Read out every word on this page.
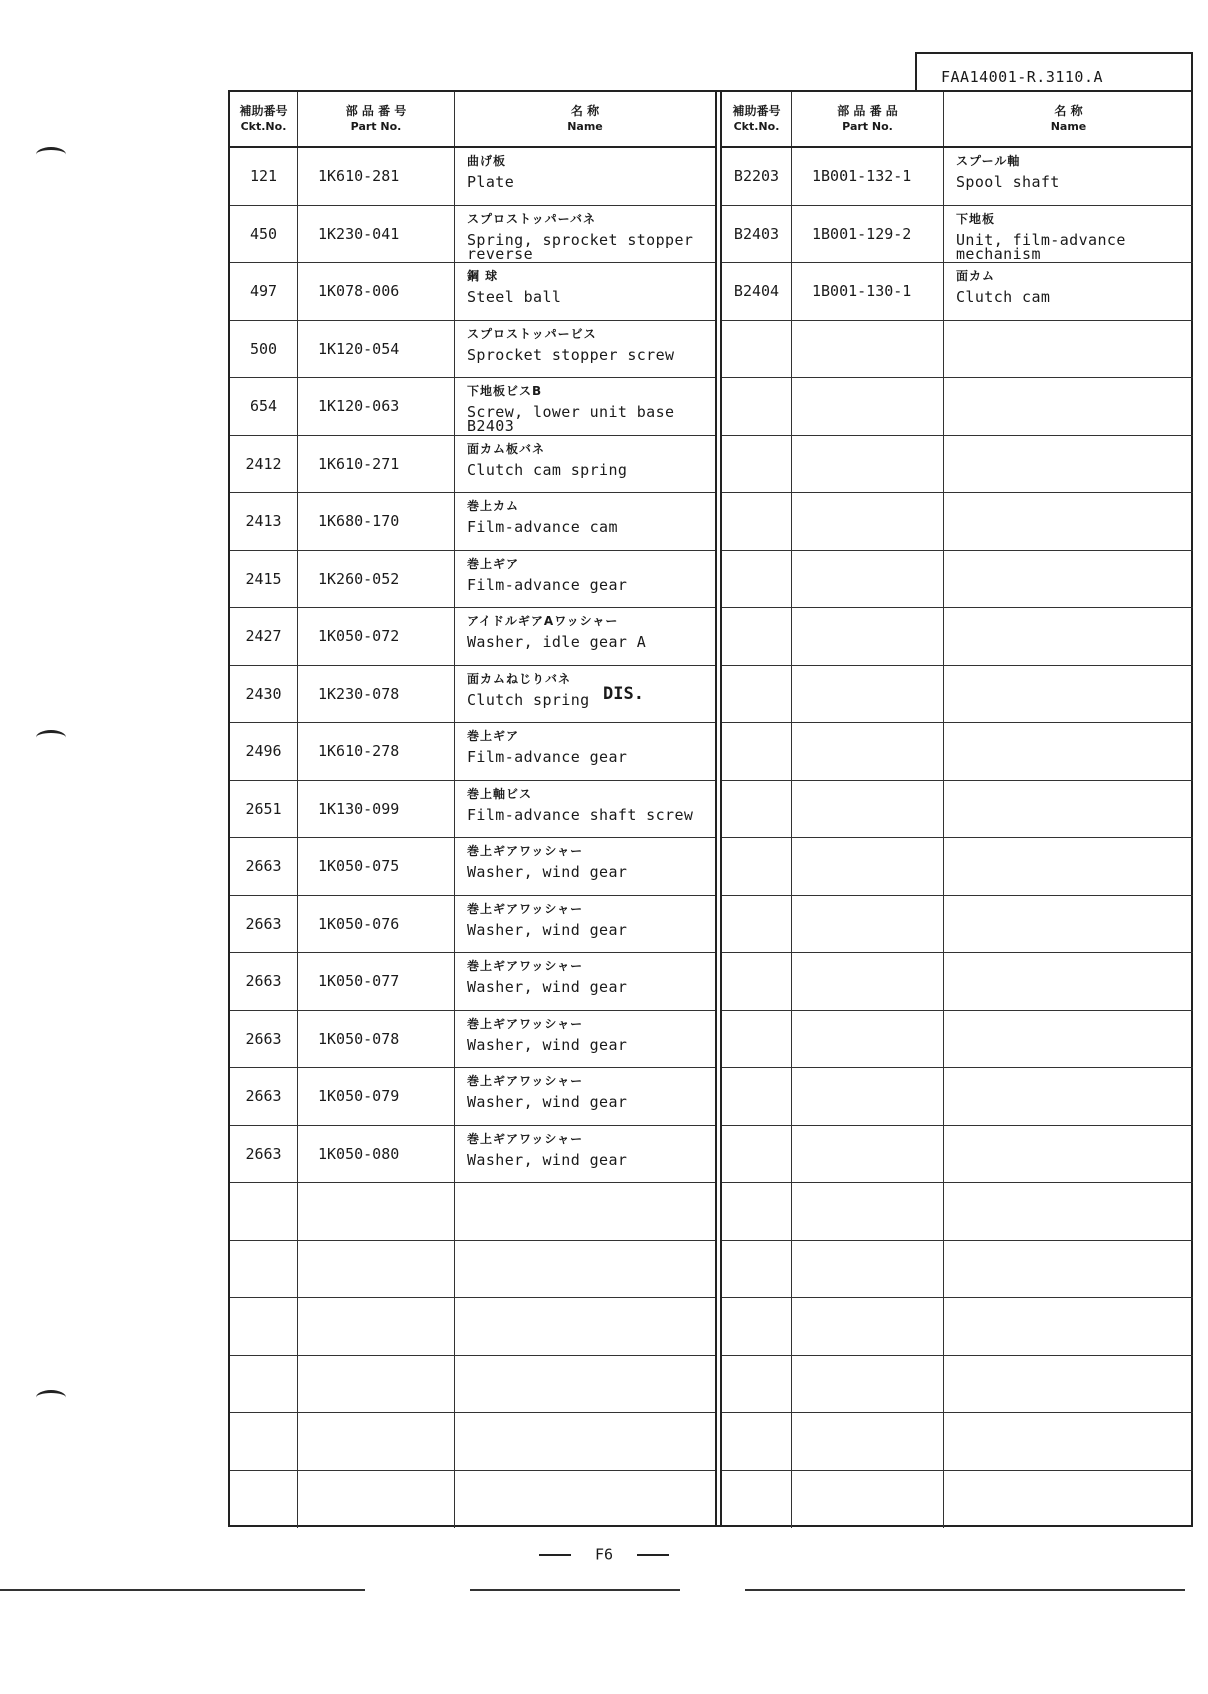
FAA14001-R.3110.A
補助番号
Ckt.No.
部 品 番 号
Part No.
名 称
Name
121	1K610-281
曲げ板
Plate
450	1K230-041
スプロストッパーバネ
Spring, sprocket stopper reverse
497	1K078-006
鋼 球
Steel ball
500	1K120-054
スプロストッパービス
Sprocket stopper screw
654	1K120-063
下地板ビスB
Screw, lower unit base B2403
2412	1K610-271
面カム板バネ
Clutch cam spring
2413	1K680-170
巻上カム
Film-advance cam
2415	1K260-052
巻上ギア
Film-advance gear
2427	1K050-072
アイドルギアAワッシャー
Washer, idle gear A
2430	1K230-078
面カムねじりバネ
Clutch spring DIS.
2496	1K610-278
巻上ギア
Film-advance gear
2651	1K130-099
巻上軸ビス
Film-advance shaft screw
2663	1K050-075
巻上ギアワッシャー
Washer, wind gear
2663	1K050-076
巻上ギアワッシャー
Washer, wind gear
2663	1K050-077
巻上ギアワッシャー
Washer, wind gear
2663	1K050-078
巻上ギアワッシャー
Washer, wind gear
2663	1K050-079
巻上ギアワッシャー
Washer, wind gear
2663	1K050-080
巻上ギアワッシャー
Washer, wind gear
補助番号
Ckt.No.
部 品 番 品
Part No.
名 称
Name
B2203	1B001-132-1
スプール軸
Spool shaft
B2403	1B001-129-2
下地板
Unit, film-advance mechanism
B2404	1B001-130-1
面カム
Clutch cam
F6
